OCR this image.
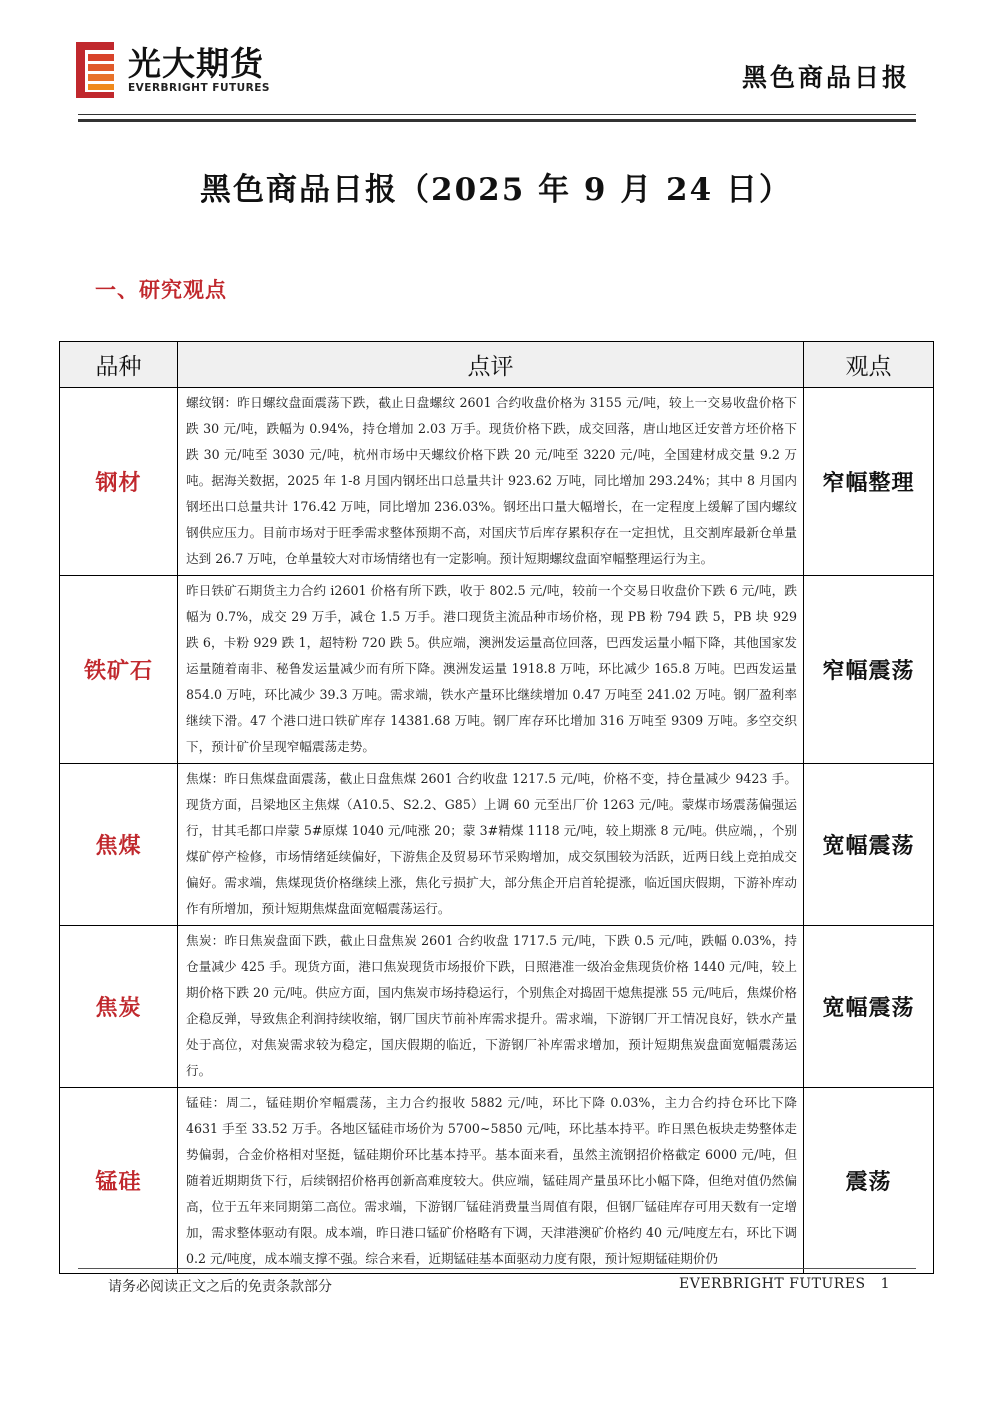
光大期货
EVERBRIGHT FUTURES	黑色商品日报
黑色商品日报（2025 年 9 月 24 日）
一、研究观点
品种	点评	观点
钢材	螺纹钢：昨日螺纹盘面震荡下跌，截止日盘螺纹 2601 合约收盘价格为 3155 元/吨，较上一交易收盘价格下跌 30 元/吨，跌幅为 0.94%，持仓增加 2.03 万手。现货价格下跌，成交回落，唐山地区迁安普方坯价格下跌 30 元/吨至 3030 元/吨，杭州市场中天螺纹价格下跌 20 元/吨至 3220 元/吨，全国建材成交量 9.2 万吨。据海关数据，2025 年 1-8 月国内钢坯出口总量共计 923.62 万吨，同比增加 293.24%；其中 8 月国内钢坯出口总量共计 176.42 万吨，同比增加 236.03%。钢坯出口量大幅增长，在一定程度上缓解了国内螺纹钢供应压力。目前市场对于旺季需求整体预期不高，对国庆节后库存累积存在一定担忧，且交割库最新仓单量达到 26.7 万吨，仓单量较大对市场情绪也有一定影响。预计短期螺纹盘面窄幅整理运行为主。	窄幅整理
铁矿石	昨日铁矿石期货主力合约 i2601 价格有所下跌，收于 802.5 元/吨，较前一个交易日收盘价下跌 6 元/吨，跌幅为 0.7%，成交 29 万手，减仓 1.5 万手。港口现货主流品种市场价格，现 PB 粉 794 跌 5，PB 块 929 跌 6，卡粉 929 跌 1，超特粉 720 跌 5。供应端，澳洲发运量高位回落，巴西发运量小幅下降，其他国家发运量随着南非、秘鲁发运量减少而有所下降。澳洲发运量 1918.8 万吨，环比减少 165.8 万吨。巴西发运量 854.0 万吨，环比减少 39.3 万吨。需求端，铁水产量环比继续增加 0.47 万吨至 241.02 万吨。钢厂盈利率继续下滑。47 个港口进口铁矿库存 14381.68 万吨。钢厂库存环比增加 316 万吨至 9309 万吨。多空交织下，预计矿价呈现窄幅震荡走势。	窄幅震荡
焦煤	焦煤：昨日焦煤盘面震荡，截止日盘焦煤 2601 合约收盘 1217.5 元/吨，价格不变，持仓量减少 9423 手。现货方面，吕梁地区主焦煤（A10.5、S2.2、G85）上调 60 元至出厂价 1263 元/吨。蒙煤市场震荡偏强运行，甘其毛都口岸蒙 5#原煤 1040 元/吨涨 20；蒙 3#精煤 1118 元/吨，较上期涨 8 元/吨。供应端，，个别煤矿停产检修，市场情绪延续偏好，下游焦企及贸易环节采购增加，成交氛围较为活跃，近两日线上竞拍成交偏好。需求端，焦煤现货价格继续上涨，焦化亏损扩大，部分焦企开启首轮提涨，临近国庆假期，下游补库动作有所增加，预计短期焦煤盘面宽幅震荡运行。	宽幅震荡
焦炭	焦炭：昨日焦炭盘面下跌，截止日盘焦炭 2601 合约收盘 1717.5 元/吨，下跌 0.5 元/吨，跌幅 0.03%，持仓量减少 425 手。现货方面，港口焦炭现货市场报价下跌，日照港准一级冶金焦现货价格 1440 元/吨，较上期价格下跌 20 元/吨。供应方面，国内焦炭市场持稳运行，个别焦企对捣固干熄焦提涨 55 元/吨后，焦煤价格企稳反弹，导致焦企利润持续收缩，钢厂国庆节前补库需求提升。需求端，下游钢厂开工情况良好，铁水产量处于高位，对焦炭需求较为稳定，国庆假期的临近，下游钢厂补库需求增加，预计短期焦炭盘面宽幅震荡运行。	宽幅震荡
锰硅	锰硅：周二，锰硅期价窄幅震荡，主力合约报收 5882 元/吨，环比下降 0.03%，主力合约持仓环比下降 4631 手至 33.52 万手。各地区锰硅市场价为 5700~5850 元/吨，环比基本持平。昨日黑色板块走势整体走势偏弱，合金价格相对坚挺，锰硅期价环比基本持平。基本面来看，虽然主流钢招价格截定 6000 元/吨，但随着近期期货下行，后续钢招价格再创新高难度较大。供应端，锰硅周产量虽环比小幅下降，但绝对值仍然偏高，位于五年来同期第二高位。需求端，下游钢厂锰硅消费量当周值有限，但钢厂锰硅库存可用天数有一定增加，需求整体驱动有限。成本端，昨日港口锰矿价格略有下调，天津港澳矿价格约 40 元/吨度左右，环比下调 0.2 元/吨度，成本端支撑不强。综合来看，近期锰硅基本面驱动力度有限，预计短期锰硅期价仍	震荡
请务必阅读正文之后的免责条款部分	EVERBRIGHT FUTURES 1
